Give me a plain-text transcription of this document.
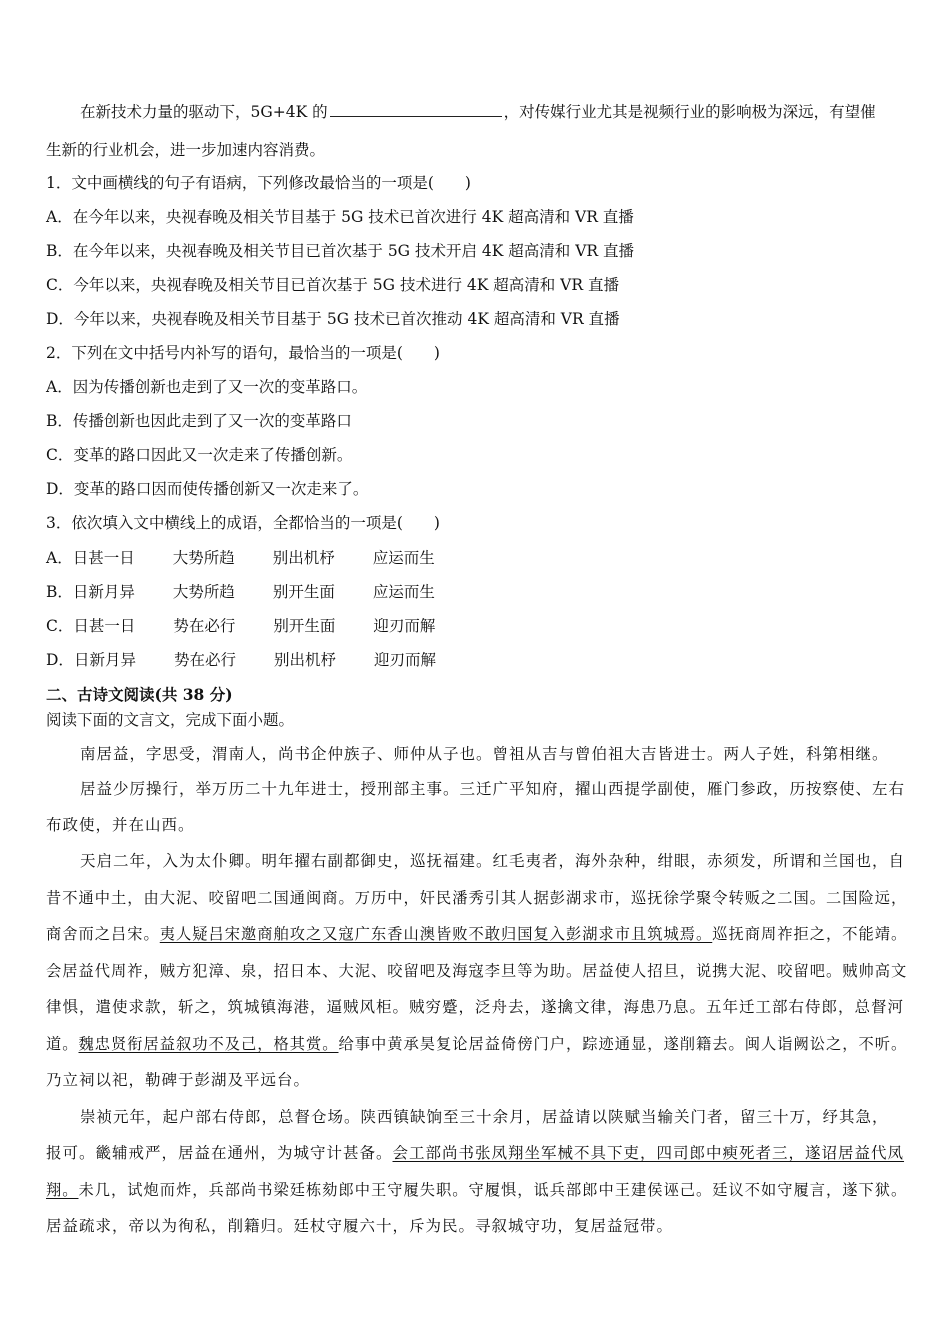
在新技术力量的驱动下，5G+4K 的	，对传媒行业尤其是视频行业的影响极为深远，有望催
生新的行业机会，进一步加速内容消费。
1．文中画横线的句子有语病，下列修改最恰当的一项是(　　)
A．在今年以来，央视春晚及相关节目基于 5G 技术已首次进行 4K 超高清和 VR 直播
B．在今年以来，央视春晚及相关节目已首次基于 5G 技术开启 4K 超高清和 VR 直播
C．今年以来，央视春晚及相关节目已首次基于 5G 技术进行 4K 超高清和 VR 直播
D．今年以来，央视春晚及相关节目基于 5G 技术已首次推动 4K 超高清和 VR 直播
2．下列在文中括号内补写的语句，最恰当的一项是(　　)
A．因为传播创新也走到了又一次的变革路口。
B．传播创新也因此走到了又一次的变革路口
C．变革的路口因此又一次走来了传播创新。
D．变革的路口因而使传播创新又一次走来了。
3．依次填入文中横线上的成语，全都恰当的一项是(　　)
A．日甚一日 大势所趋 别出机杼 应运而生
B．日新月异 大势所趋 别开生面 应运而生
C．日甚一日 势在必行 别开生面 迎刃而解
D．日新月异 势在必行 别出机杼 迎刃而解
二、古诗文阅读(共 38 分)
阅读下面的文言文，完成下面小题。
南居益，字思受，渭南人，尚书企仲族子、师仲从子也。曾祖从吉与曾伯祖大吉皆进士。两人子姓，科第相继。
居益少厉操行，举万历二十九年进士，授刑部主事。三迁广平知府，擢山西提学副使，雁门参政，历按察使、左右
布政使，并在山西。
天启二年，入为太仆卿。明年擢右副都御史，巡抚福建。红毛夷者，海外杂种，绀眼，赤须发，所谓和兰国也，自
昔不通中土，由大泥、咬留吧二国通闽商。万历中，奸民潘秀引其人据彭湖求市，巡抚徐学聚令转贩之二国。二国险远，
商舍而之吕宋。夷人疑吕宋邀商舶攻之又寇广东香山澳皆败不敢归国复入彭湖求市且筑城焉。巡抚商周祚拒之，不能靖。
会居益代周祚，贼方犯漳、泉，招日本、大泥、咬留吧及海寇李旦等为助。居益使人招旦，说携大泥、咬留吧。贼帅高文
律惧，遣使求款，斩之，筑城镇海港，逼贼风柜。贼穷蹙，泛舟去，遂擒文律，海患乃息。五年迁工部右侍郎，总督河
道。魏忠贤衔居益叙功不及己，格其赏。给事中黄承昊复论居益倚傍门户，踪迹通显，遂削籍去。闽人诣阙讼之，不听。
乃立祠以祀，勒碑于彭湖及平远台。
崇祯元年，起户部右侍郎，总督仓场。陕西镇缺饷至三十余月，居益请以陕赋当输关门者，留三十万，纾其急，
报可。畿辅戒严，居益在通州，为城守计甚备。会工部尚书张凤翔坐军械不具下吏，四司郎中瘐死者三，遂诏居益代凤
翔。未几，试炮而炸，兵部尚书梁廷栋劾郎中王守履失职。守履惧，诋兵部郎中王建侯诬己。廷议不如守履言，遂下狱。
居益疏求，帝以为徇私，削籍归。廷杖守履六十，斥为民。寻叙城守功，复居益冠带。
